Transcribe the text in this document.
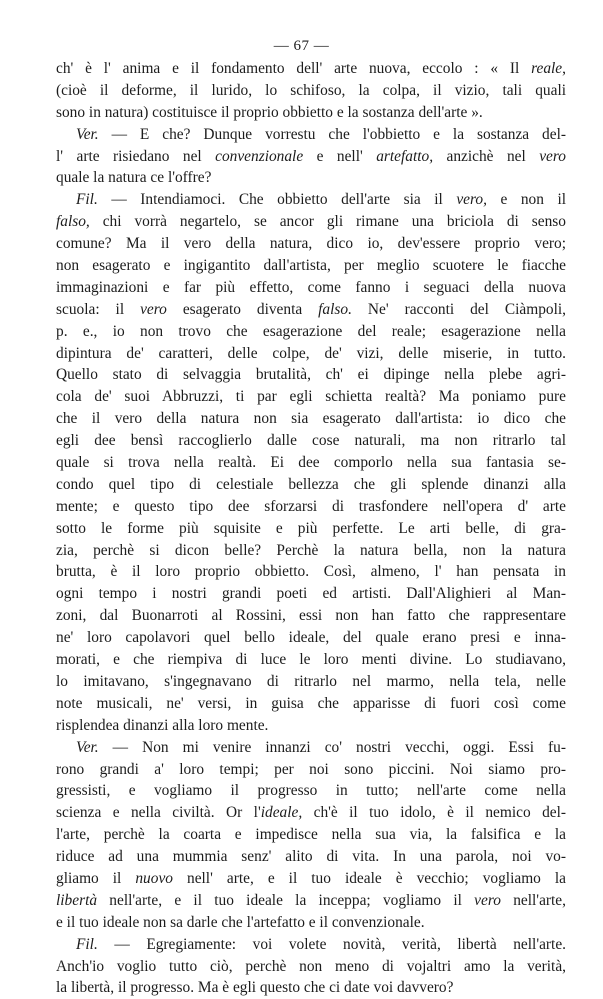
— 67 —
ch' è l' anima e il fondamento dell' arte nuova, eccolo : « Il reale,
(cioè il deforme, il lurido, lo schifoso, la colpa, il vizio, tali quali
sono in natura) costituisce il proprio obbietto e la sostanza dell'arte ».
Ver. — E che? Dunque vorrestu che l'obbietto e la sostanza del-
l' arte risiedano nel convenzionale e nell' artefatto, anzichè nel vero
quale la natura ce l'offre?
Fil. — Intendiamoci. Che obbietto dell'arte sia il vero, e non il
falso, chi vorrà negartelo, se ancor gli rimane una briciola di senso
comune? Ma il vero della natura, dico io, dev'essere proprio vero;
non esagerato e ingigantito dall'artista, per meglio scuotere le fiacche
immaginazioni e far più effetto, come fanno i seguaci della nuova
scuola: il vero esagerato diventa falso. Ne' racconti del Ciàmpoli,
p. e., io non trovo che esagerazione del reale; esagerazione nella
dipintura de' caratteri, delle colpe, de' vizi, delle miserie, in tutto.
Quello stato di selvaggia brutalità, ch' ei dipinge nella plebe agri-
cola de' suoi Abbruzzi, ti par egli schietta realtà? Ma poniamo pure
che il vero della natura non sia esagerato dall'artista: io dico che
egli dee bensì raccoglierlo dalle cose naturali, ma non ritrarlo tal
quale si trova nella realtà. Ei dee comporlo nella sua fantasia se-
condo quel tipo di celestiale bellezza che gli splende dinanzi alla
mente; e questo tipo dee sforzarsi di trasfondere nell'opera d' arte
sotto le forme più squisite e più perfette. Le arti belle, di gra-
zia, perchè si dicon belle? Perchè la natura bella, non la natura
brutta, è il loro proprio obbietto. Così, almeno, l' han pensata in
ogni tempo i nostri grandi poeti ed artisti. Dall'Alighieri al Man-
zoni, dal Buonarroti al Rossini, essi non han fatto che rappresentare
ne' loro capolavori quel bello ideale, del quale erano presi e inna-
morati, e che riempiva di luce le loro menti divine. Lo studiavano,
lo imitavano, s'ingegnavano di ritrarlo nel marmo, nella tela, nelle
note musicali, ne' versi, in guisa che apparisse di fuori così come
risplendea dinanzi alla loro mente.
Ver. — Non mi venire innanzi co' nostri vecchi, oggi. Essi fu-
rono grandi a' loro tempi; per noi sono piccini. Noi siamo pro-
gressisti, e vogliamo il progresso in tutto; nell'arte come nella
scienza e nella civiltà. Or l'ideale, ch'è il tuo idolo, è il nemico del-
l'arte, perchè la coarta e impedisce nella sua via, la falsifica e la
riduce ad una mummia senz' alito di vita. In una parola, noi vo-
gliamo il nuovo nell' arte, e il tuo ideale è vecchio; vogliamo la
libertà nell'arte, e il tuo ideale la inceppa; vogliamo il vero nell'arte,
e il tuo ideale non sa darle che l'artefatto e il convenzionale.
Fil. — Egregiamente: voi volete novità, verità, libertà nell'arte.
Anch'io voglio tutto ciò, perchè non meno di vojaltri amo la verità,
la libertà, il progresso. Ma è egli questo che ci date voi davvero?
